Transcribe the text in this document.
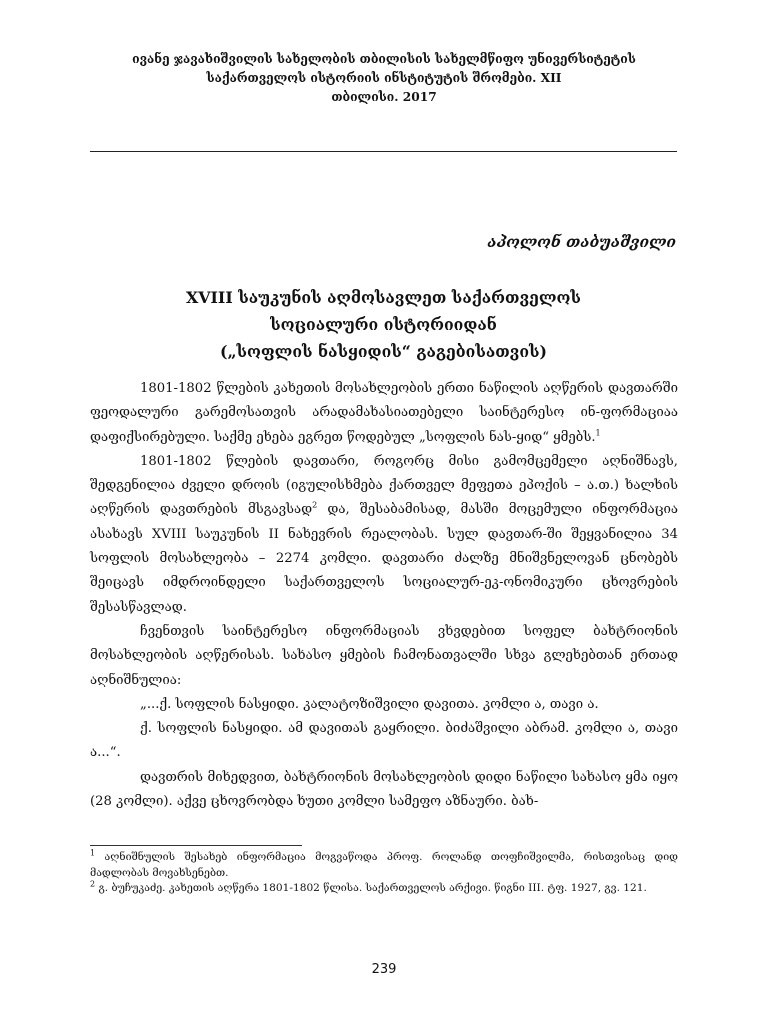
ივანე ჯავახიშვილის სახელობის თბილისის სახელმწიფო უნივერსიტეტის
საქართველოს ისტორიის ინსტიტუტის შრომები. XII
თბილისი. 2017
აპოლონ თაბუაშვილი
XVIII საუკუნის აღმოსავლეთ საქართველოს
სოციალური ისტორიიდან
(„სოფლის ნასყიდის“ გაგებისათვის)

1801-1802 წლების კახეთის მოსახლეობის ერთი ნაწილის აღწერის დავთარში ფეოდალური გარემოსათვის არადამახასიათებელი საინტერესო ინ-ფორმაციაა დაფიქსირებული. საქმე ეხება ეგრეთ წოდებულ „სოფლის ნას-ყიდ“ ყმებს.$^1$

1801-1802 წლების დავთარი, როგორც მისი გამომცემელი აღნიშნავს, შედგენილია ძველი დროის (იგულისხმება ქართველ მეფეთა ეპოქის – ა.თ.) ხალხის აღწერის დავთრების მსგავსად$^2$ და, შესაბამისად, მასში მოცემული ინფორმაცია ასახავს XVIII საუკუნის II ნახევრის რეალობას. სულ დავთარ-ში შეყვანილია 34 სოფლის მოსახლეობა – 2274 კომლი. დავთარი ძალზე მნიშვნელოვან ცნობებს შეიცავს იმდროინდელი საქართველოს სოციალურ-ეკ-ონომიკური ცხოვრების შესასწავლად.

ჩვენთვის საინტერესო ინფორმაციას ვხვდებით სოფელ ბახტრიონის მოსახლეობის აღწერისას. სახასო ყმების ჩამონათვალში სხვა გლეხებთან ერთად აღნიშნულია:

„...ქ. სოფლის ნასყიდი. კალატოზიშვილი დავითა. კომლი ა, თავი ა.

ქ. სოფლის ნასყიდი. ამ დავითას გაყრილი. ბიძაშვილი აბრამ. კომლი ა, თავი ა...“.

დავთრის მიხედვით, ბახტრიონის მოსახლეობის დიდი ნაწილი სახასო ყმა იყო (28 კომლი). აქვე ცხოვრობდა ხუთი კომლი სამეფო აზნაური. ბახ-

$^1$ აღნიშნულის შესახებ ინფორმაცია მოგვაწოდა პროფ. როლანდ თოფჩიშვილმა, რისთვისაც დიდ მადლობას მოვახსენებთ.

$^2$ გ. ბუჩუკაძე. კახეთის აღწერა 1801-1802 წლისა. საქართველოს არქივი. წიგნი III. ტფ. 1927, გვ. 121.

239
